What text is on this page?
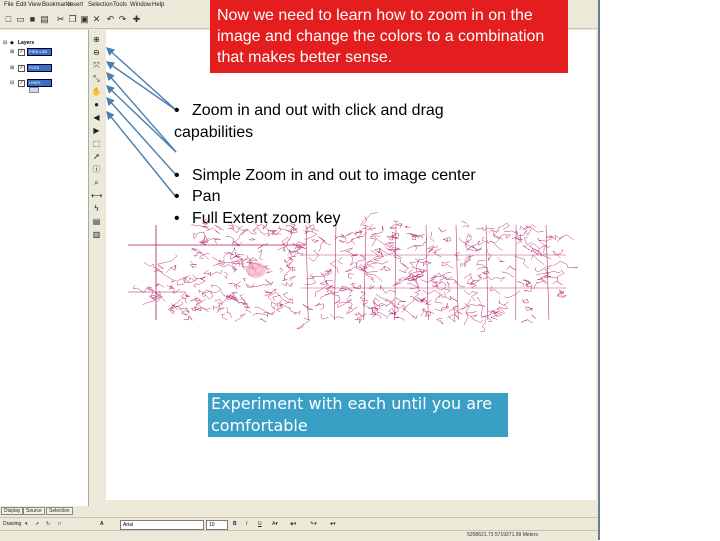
File Edit View Bookmarks
Insert Selection Tools Window Help
□ ▭ ■ ▤ ✂ ❐ ▣ ✕ ↶ ↷ ✚
⊟ ◆ Layers
⊞ ✓	PIEN LAB
⊞ ✓	FLDS LOOK
⊟ ✓	LINES
⊕
⊖
⤧
⤡
✋
●
◀
▶
⬚
➚
ⓘ
⌕
⟷
ϟ
▤
▥
Display	Source	Selection
Drawing ▾ ➚ ↻ □	A	Arial	10	B I U A▾ ◈▾	✎▾	●▾
5208621.73 5719271.99 Meters
Now we need to learn how to zoom in on the image and change the colors to a combination that makes better sense.
• Zoom in and out with click and drag capabilities
• Simple Zoom in and out to image center
• Pan
• Full Extent zoom key
Experiment with each until you are comfortable
